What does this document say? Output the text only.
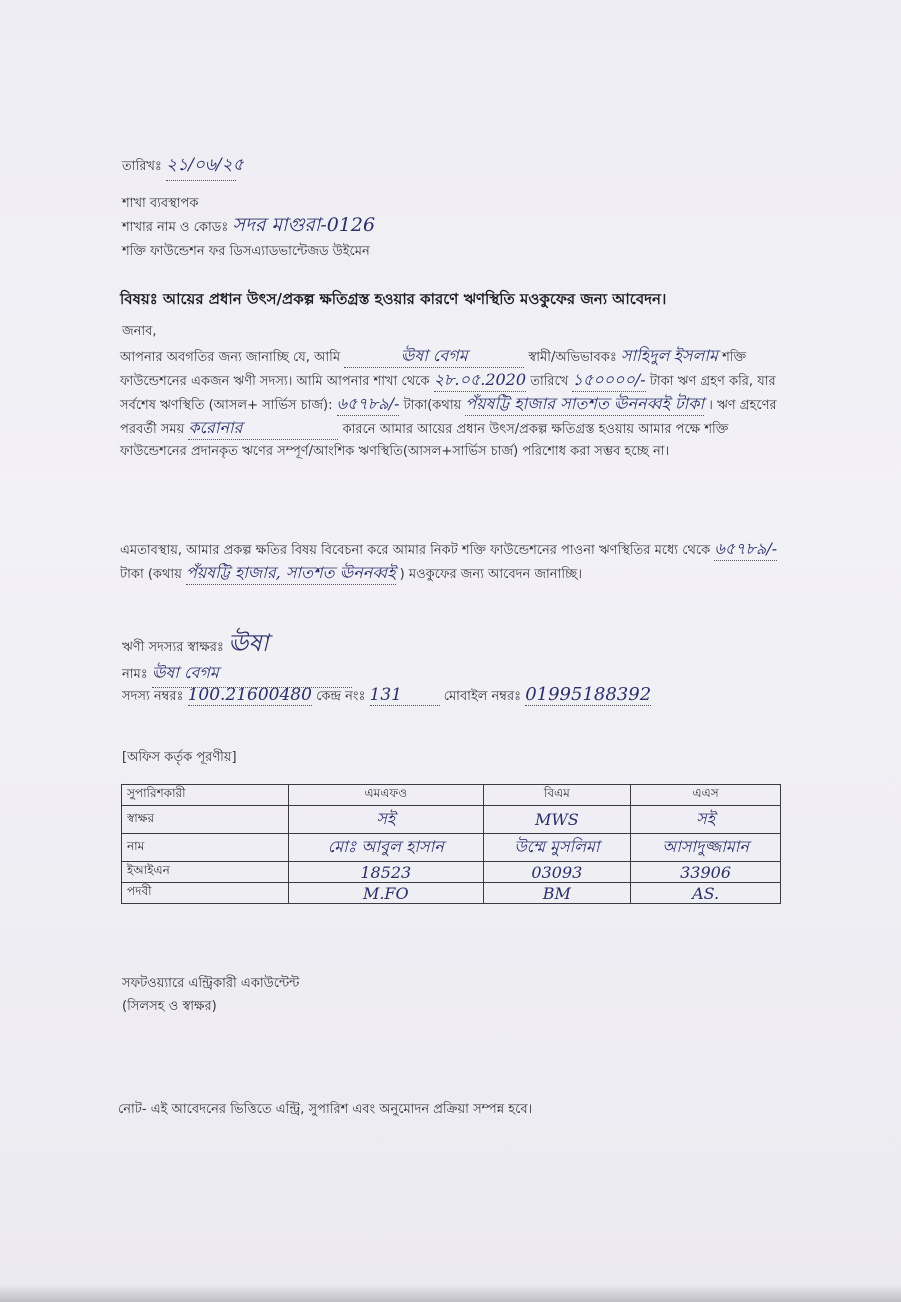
তারিখঃ ২১/০৬/২৫
শাখা ব্যবস্থাপক
শাখার নাম ও কোডঃ সদর মাগুরা-0126
শক্তি ফাউন্ডেশন ফর ডিসএ্যাডভান্টেজড উইমেন
বিষয়ঃ আয়ের প্রধান উৎস/প্রকল্প ক্ষতিগ্রস্ত হওয়ার কারণে ঋণস্থিতি মওকুফের জন্য আবেদন।
জনাব,
আপনার অবগতির জন্য জানাচ্ছি যে, আমি	ঊষা বেগম	স্বামী/অভিভাবকঃ সাহিদুল ইসলাম শক্তি ফাউন্ডেশনের একজন ঋণী সদস্য। আমি আপনার শাখা থেকে ২৮.০৫.2020 তারিখে ১৫০০০০/- টাকা ঋণ গ্রহণ করি, যার সর্বশেষ ঋণস্থিতি (আসল+ সার্ভিস চার্জ): ৬৫৭৮৯/- টাকা(কথায় পঁয়ষট্টি হাজার সাতশত ঊননব্বই টাকা । ঋণ গ্রহণের পরবর্তী সময় করোনার	কারনে আমার আয়ের প্রধান উৎস/প্রকল্প ক্ষতিগ্রস্ত হওয়ায় আমার পক্ষে শক্তি ফাউন্ডেশনের প্রদানকৃত ঋণের সম্পূর্ণ/আংশিক ঋণস্থিতি(আসল+সার্ভিস চার্জ) পরিশোধ করা সম্ভব হচ্ছে না।
এমতাবস্থায়, আমার প্রকল্প ক্ষতির বিষয় বিবেচনা করে আমার নিকট শক্তি ফাউন্ডেশনের পাওনা ঋণস্থিতির মধ্যে থেকে ৬৫৭৮৯/- টাকা (কথায় পঁয়ষট্টি হাজার, সাতশত ঊননব্বই ) মওকুফের জন্য আবেদন জানাচ্ছি।
ঋণী সদস্যর স্বাক্ষরঃ ঊষা
নামঃ ঊষা বেগম
সদস্য নম্বরঃ 100.21600480 কেন্দ্র নংঃ 131	মোবাইল নম্বরঃ 01995188392
[অফিস কর্তৃক পূরণীয়]
সুপারিশকারী	এমএফও	বিএম	এএস
স্বাক্ষর	সই	MWS	সই
নাম	মোঃ আবুল হাসান	উম্মে মুসলিমা	আসাদুজ্জামান
ইআইএন	18523	03093	33906
পদবী	M.FO	BM	AS.
সফটওয়্যারে এন্ট্রিকারী একাউন্টেন্ট
(সিলসহ ও স্বাক্ষর)
নোট- এই আবেদনের ভিত্তিতে এন্ট্রি, সুপারিশ এবং অনুমোদন প্রক্রিয়া সম্পন্ন হবে।
